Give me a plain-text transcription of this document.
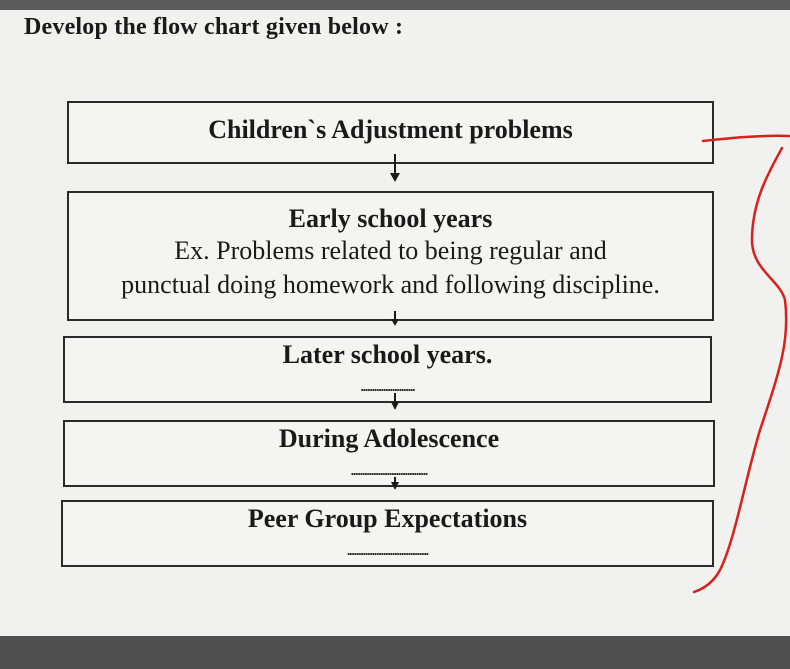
Develop the flow chart given below :
Children`s Adjustment problems
Early school years
Ex. Problems related to being regular and
punctual doing homework and following discipline.
Later school years.
........................
During Adolescence
..................................
Peer Group Expectations
....................................
